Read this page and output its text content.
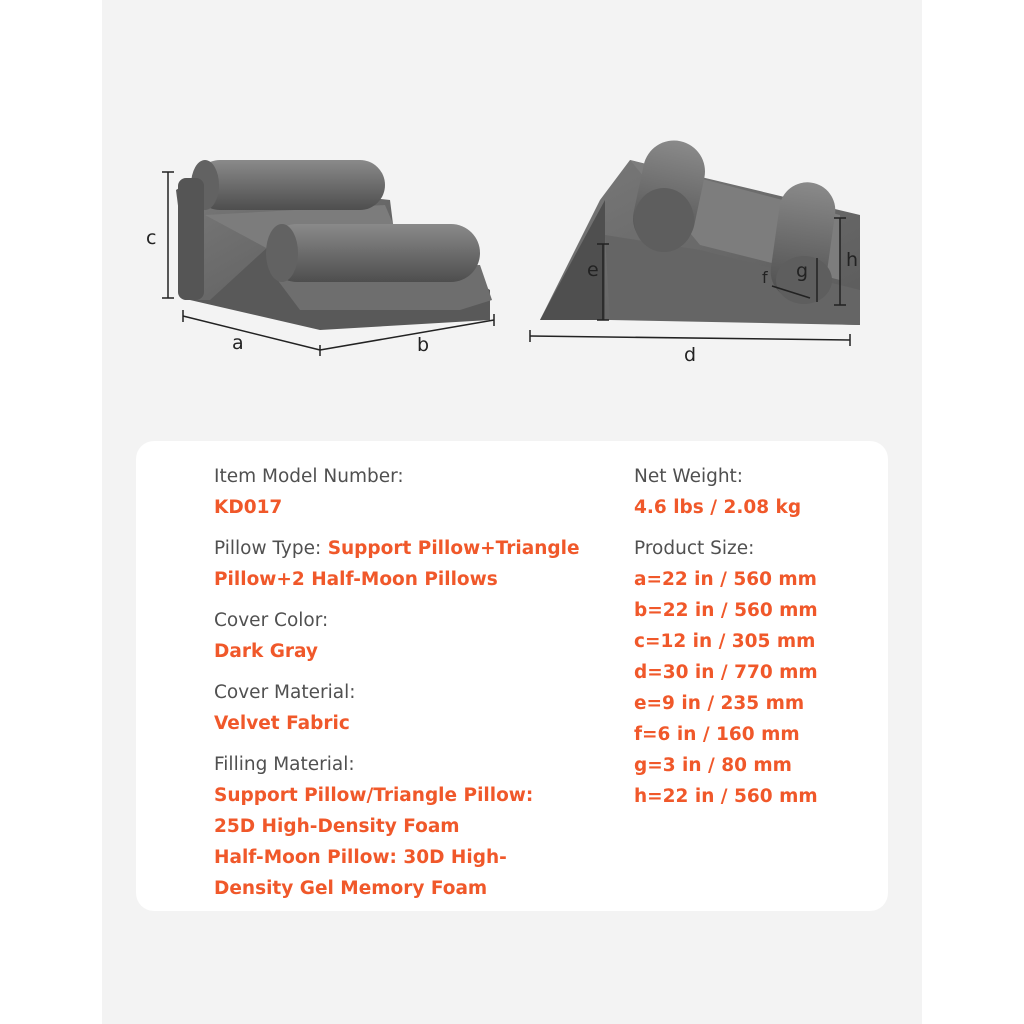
c
a	b	d
e	f g h
Item Model Number:
KD017
Pillow Type: Support Pillow+Triangle
Pillow+2 Half-Moon Pillows
Cover Color:
Dark Gray
Cover Material:
Velvet Fabric
Filling Material:
Support Pillow/Triangle Pillow:
25D High-Density Foam
Half-Moon Pillow: 30D High-
Density Gel Memory Foam
Net Weight:
4.6 lbs / 2.08 kg
Product Size:
a=22 in / 560 mm
b=22 in / 560 mm
c=12 in / 305 mm
d=30 in / 770 mm
e=9 in / 235 mm
f=6 in / 160 mm
g=3 in / 80 mm
h=22 in / 560 mm
